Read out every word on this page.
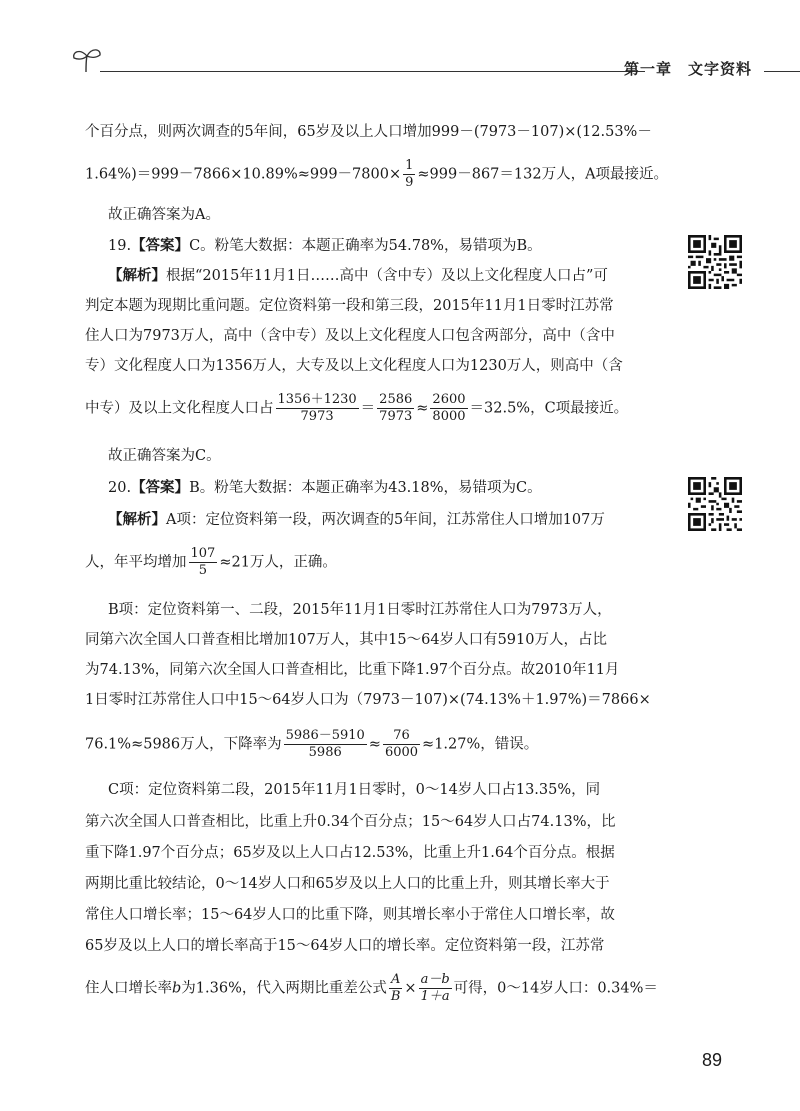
第一章　文字资料
个百分点，则两次调查的5年间，65岁及以上人口增加999－(7973－107)×(12.53%－
$1.64\%)=999-7866\times 10.89\%\approx 999-7800\times \frac{1}{9} \approx 999-867=132$万人，A项最接近。
故正确答案为A。
19.【答案】C。粉笔大数据：本题正确率为54.78%，易错项为B。
【解析】根据“2015年11月1日……高中（含中专）及以上文化程度人口占”可
判定本题为现期比重问题。定位资料第一段和第三段，2015年11月1日零时江苏常
住人口为7973万人，高中（含中专）及以上文化程度人口包含两部分，高中（含中
专）文化程度人口为1356万人，大专及以上文化程度人口为1230万人，则高中（含
中专）及以上文化程度人口占 $\frac{1356+1230}{7973} = \frac{2586}{7973} \approx \frac{2600}{8000} =32.5\%$，C项最接近。
故正确答案为C。
20.【答案】B。粉笔大数据：本题正确率为43.18%，易错项为C。
【解析】A项：定位资料第一段，两次调查的5年间，江苏常住人口增加107万
人，年平均增加 $\frac{107}{5} \approx 21$万人，正确。
B项：定位资料第一、二段，2015年11月1日零时江苏常住人口为7973万人，
同第六次全国人口普查相比增加107万人，其中15～64岁人口有5910万人，占比
为74.13%，同第六次全国人口普查相比，比重下降1.97个百分点。故2010年11月
1日零时江苏常住人口中15～64岁人口为（7973－107)×(74.13%＋1.97%)＝7866×
76.1%≈5986万人，下降率为 $\frac{5986-5910}{5986} \approx \frac{76}{6000} \approx 1.27\%$，错误。
C项：定位资料第二段，2015年11月1日零时，0～14岁人口占13.35%，同
第六次全国人口普查相比，比重上升0.34个百分点；15～64岁人口占74.13%，比
重下降1.97个百分点；65岁及以上人口占12.53%，比重上升1.64个百分点。根据
两期比重比较结论，0～14岁人口和65岁及以上人口的比重上升，则其增长率大于
常住人口增长率；15～64岁人口的比重下降，则其增长率小于常住人口增长率，故
65岁及以上人口的增长率高于15～64岁人口的增长率。定位资料第一段，江苏常
住人口增长率b为1.36%，代入两期比重差公式 $\frac{A}{B} \times \frac{a-b}{1+a}$ 可得，0～14岁人口：0.34%＝
89
